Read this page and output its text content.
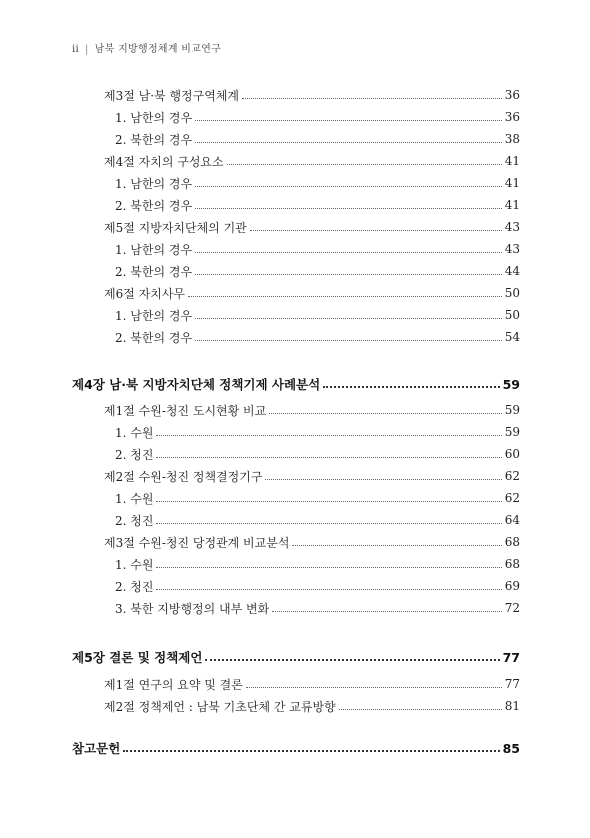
ii | 남북 지방행정체계 비교연구
제3절 남·북 행정구역체계	36
1. 남한의 경우	36
2. 북한의 경우	38
제4절 자치의 구성요소	41
1. 남한의 경우	41
2. 북한의 경우	41
제5절 지방자치단체의 기관	43
1. 남한의 경우	43
2. 북한의 경우	44
제6절 자치사무	50
1. 남한의 경우	50
2. 북한의 경우	54
제4장 남·북 지방자치단체 정책기제 사례분석	59
제1절 수원-청진 도시현황 비교	59
1. 수원	59
2. 청진	60
제2절 수원-청진 정책결정기구	62
1. 수원	62
2. 청진	64
제3절 수원-청진 당정관계 비교분석	68
1. 수원	68
2. 청진	69
3. 북한 지방행정의 내부 변화	72
제5장 결론 및 정책제언	77
제1절 연구의 요약 및 결론	77
제2절 정책제언 : 남북 기초단체 간 교류방향	81
참고문헌	85
